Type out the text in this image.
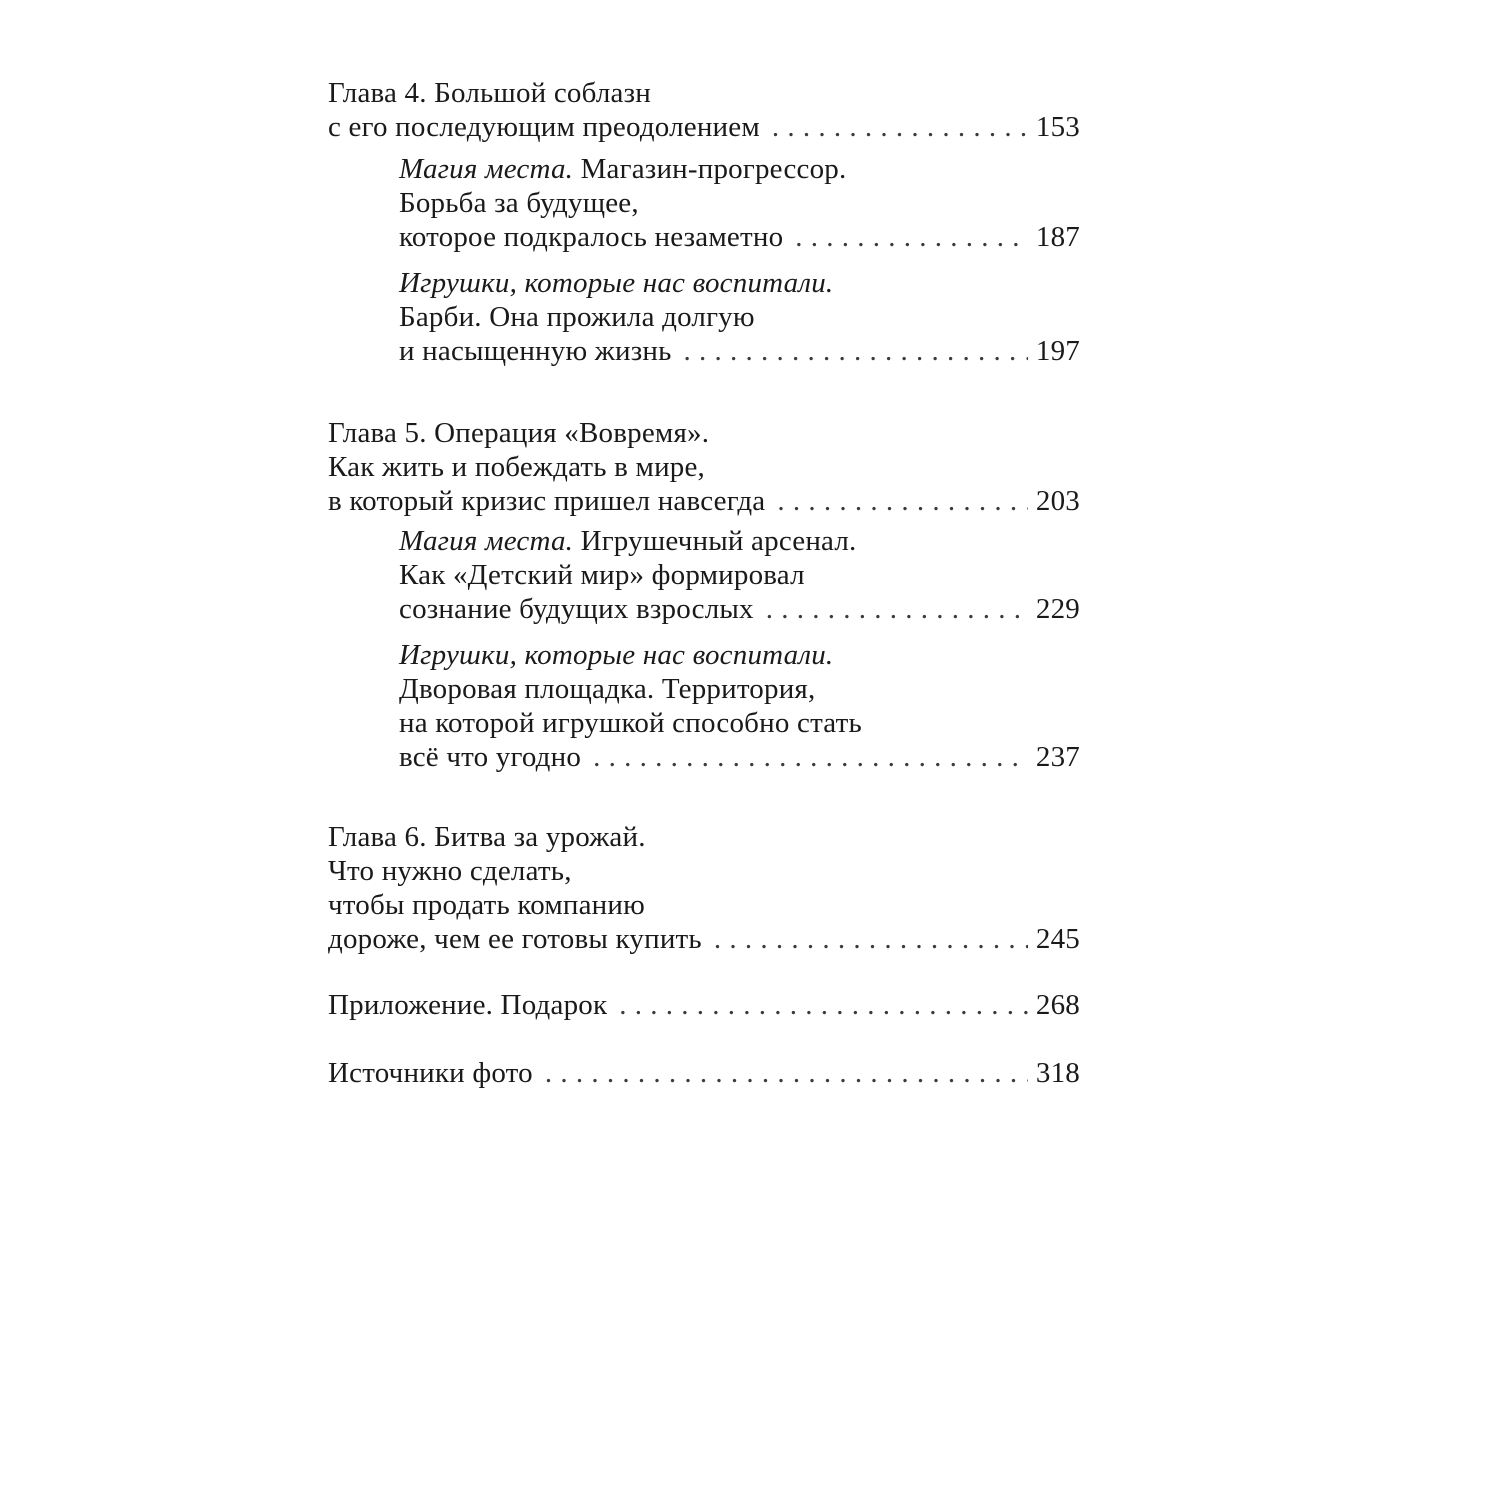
Глава 4. Большой соблазн
с его последующим преодолением . . .	153
Магия места. Магазин-прогрессор.
Борьба за будущее,
которое подкралось незаметно . . .	187
Игрушки, которые нас воспитали.
Барби. Она прожила долгую
и насыщенную жизнь . . .	197
Глава 5. Операция «Вовремя».
Как жить и побеждать в мире,
в который кризис пришел навсегда . . .	203
Магия места. Игрушечный арсенал.
Как «Детский мир» формировал
сознание будущих взрослых . . .	229
Игрушки, которые нас воспитали.
Дворовая площадка. Территория,
на которой игрушкой способно стать
всё что угодно . . .	237
Глава 6. Битва за урожай.
Что нужно сделать,
чтобы продать компанию
дороже, чем ее готовы купить . . .	245
Приложение. Подарок . . .	268
Источники фото . . .	318
